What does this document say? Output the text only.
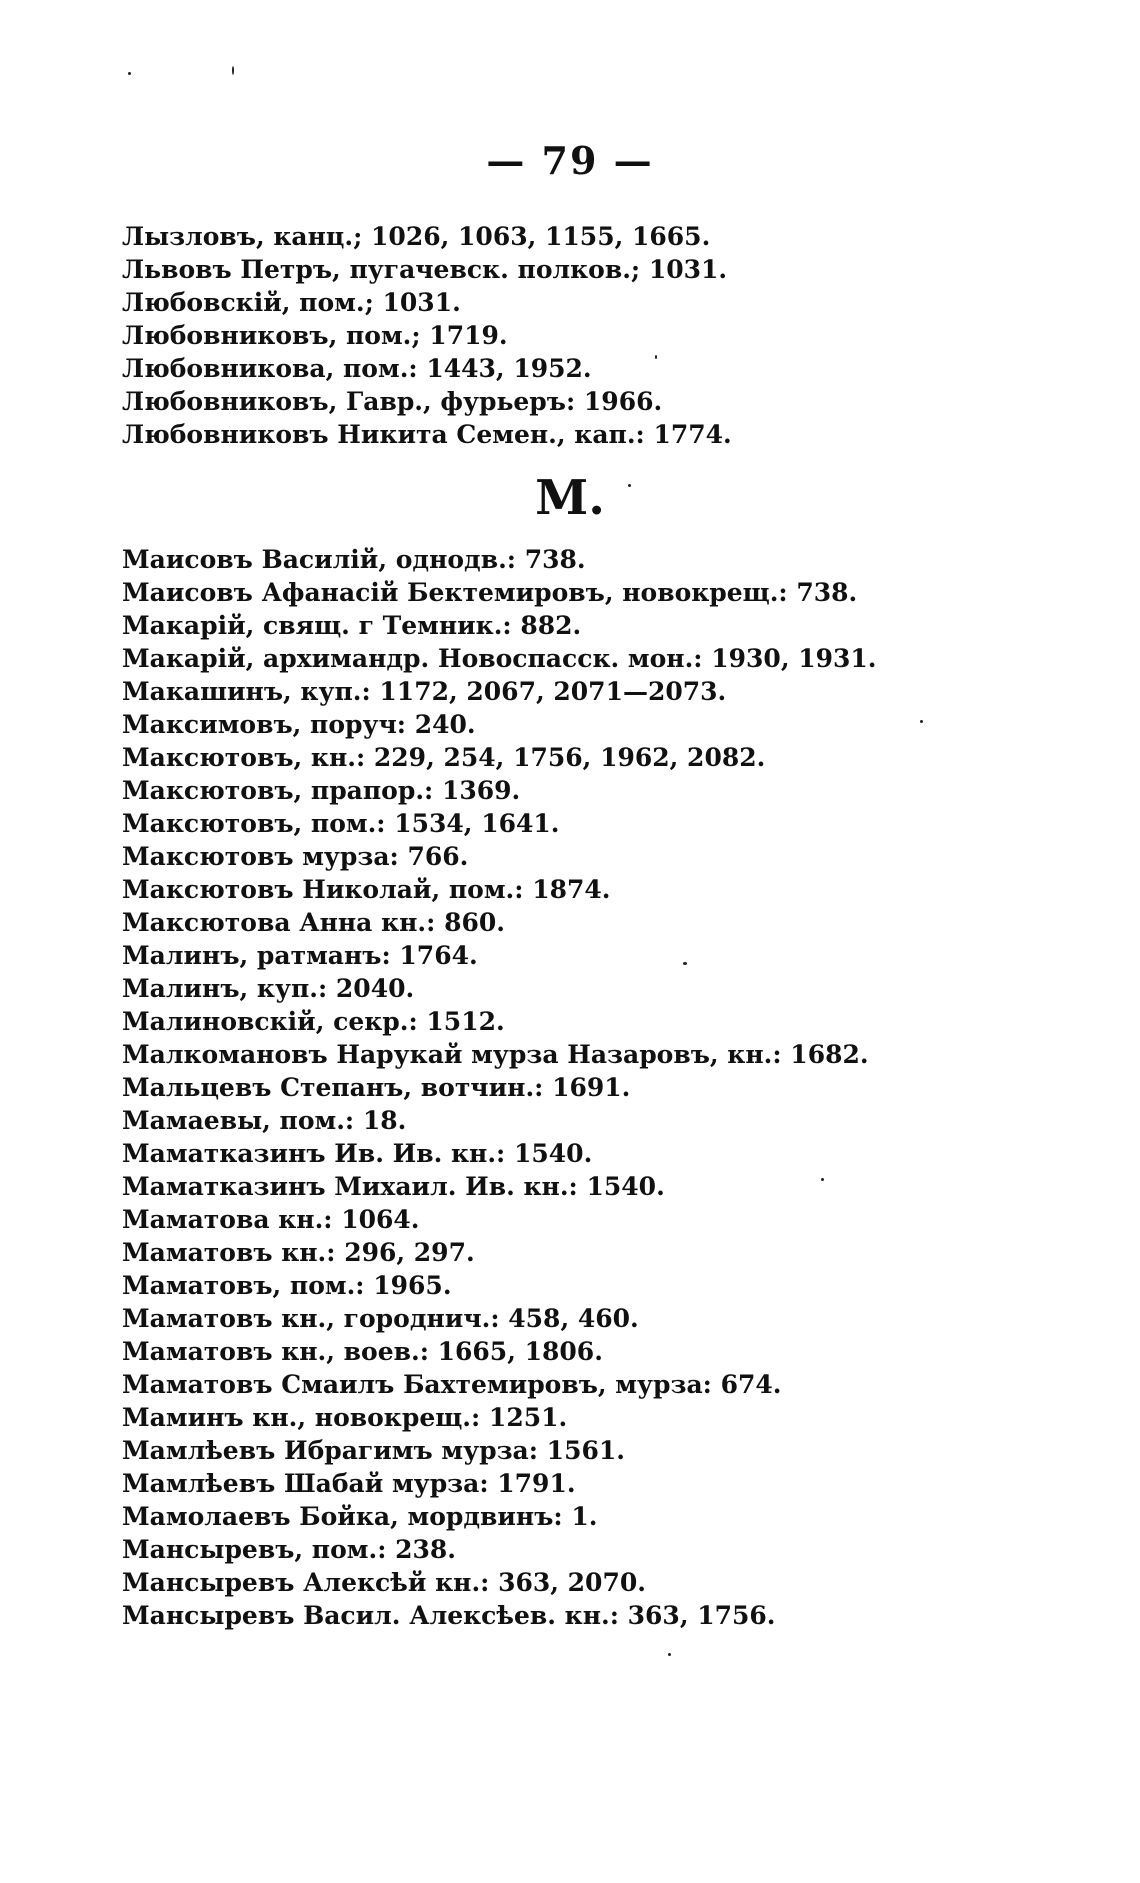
— 79 —
Лызловъ, канц.; 1026, 1063, 1155, 1665.
Львовъ Петръ, пугачевск. полков.; 1031.
Любовскій, пом.; 1031.
Любовниковъ, пом.; 1719.
Любовникова, пом.: 1443, 1952.
Любовниковъ, Гавр., фурьеръ: 1966.
Любовниковъ Никита Семен., кап.: 1774.
М.
Маисовъ Василій, однодв.: 738.
Маисовъ Афанасій Бектемировъ, новокрещ.: 738.
Макарій, свящ. г Темник.: 882.
Макарій, архимандр. Новоспасск. мон.: 1930, 1931.
Макашинъ, куп.: 1172, 2067, 2071—2073.
Максимовъ, поруч: 240.
Максютовъ, кн.: 229, 254, 1756, 1962, 2082.
Максютовъ, прапор.: 1369.
Максютовъ, пом.: 1534, 1641.
Максютовъ мурза: 766.
Максютовъ Николай, пом.: 1874.
Максютова Анна кн.: 860.
Малинъ, ратманъ: 1764.
Малинъ, куп.: 2040.
Малиновскій, секр.: 1512.
Малкомановъ Нарукай мурза Назаровъ, кн.: 1682.
Мальцевъ Степанъ, вотчин.: 1691.
Мамаевы, пом.: 18.
Маматказинъ Ив. Ив. кн.: 1540.
Маматказинъ Михаил. Ив. кн.: 1540.
Маматова кн.: 1064.
Маматовъ кн.: 296, 297.
Маматовъ, пом.: 1965.
Маматовъ кн., городнич.: 458, 460.
Маматовъ кн., воев.: 1665, 1806.
Маматовъ Смаилъ Бахтемировъ, мурза: 674.
Маминъ кн., новокрещ.: 1251.
Мамлѣевъ Ибрагимъ мурза: 1561.
Мамлѣевъ Шабай мурза: 1791.
Мамолаевъ Бойка, мордвинъ: 1.
Мансыревъ, пом.: 238.
Мансыревъ Алексѣй кн.: 363, 2070.
Мансыревъ Васил. Алексѣев. кн.: 363, 1756.
